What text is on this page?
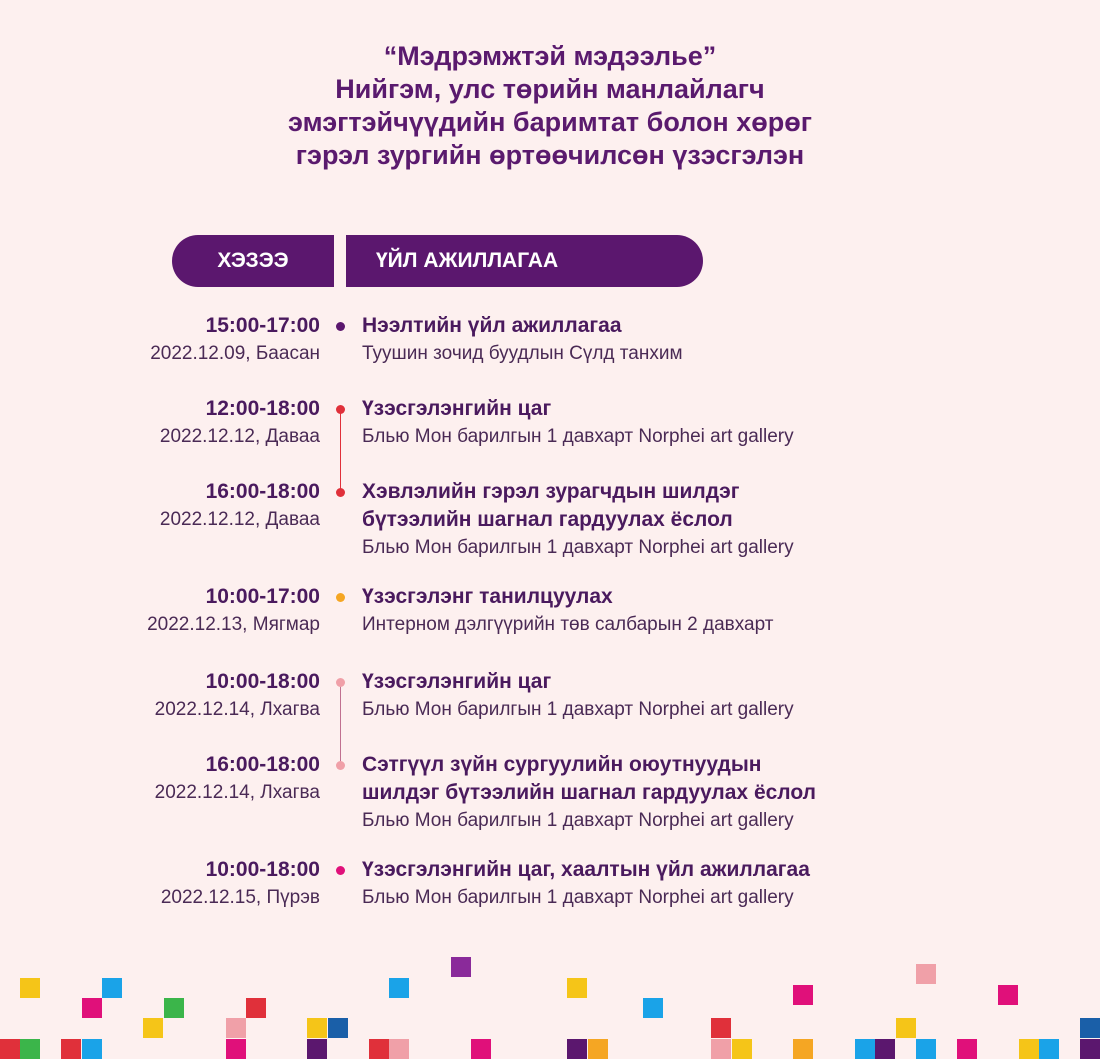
“Мэдрэмжтэй мэдээлье”
Нийгэм, улс төрийн манлайлагч
эмэгтэйчүүдийн баримтат болон хөрөг
гэрэл зургийн өртөөчилсөн үзэсгэлэн
ХЭЗЭЭ	ҮЙЛ АЖИЛЛАГАА
15:00-17:00
2022.12.09, Баасан
Нээлтийн үйл ажиллагаа
Туушин зочид буудлын Сүлд танхим
12:00-18:00
2022.12.12, Даваа
Үзэсгэлэнгийн цаг
Блью Мон барилгын 1 давхарт Norphei art gallery
16:00-18:00
2022.12.12, Даваа
Хэвлэлийн гэрэл зурагчдын шилдэг
бүтээлийн шагнал гардуулах ёслол
Блью Мон барилгын 1 давхарт Norphei art gallery
10:00-17:00
2022.12.13, Мягмар
Үзэсгэлэнг танилцуулах
Интерном дэлгүүрийн төв салбарын 2 давхарт
10:00-18:00
2022.12.14, Лхагва
Үзэсгэлэнгийн цаг
Блью Мон барилгын 1 давхарт Norphei art gallery
16:00-18:00
2022.12.14, Лхагва
Сэтгүүл зүйн сургуулийн оюутнуудын
шилдэг бүтээлийн шагнал гардуулах ёслол
Блью Мон барилгын 1 давхарт Norphei art gallery
10:00-18:00
2022.12.15, Пүрэв
Үзэсгэлэнгийн цаг, хаалтын үйл ажиллагаа
Блью Мон барилгын 1 давхарт Norphei art gallery
